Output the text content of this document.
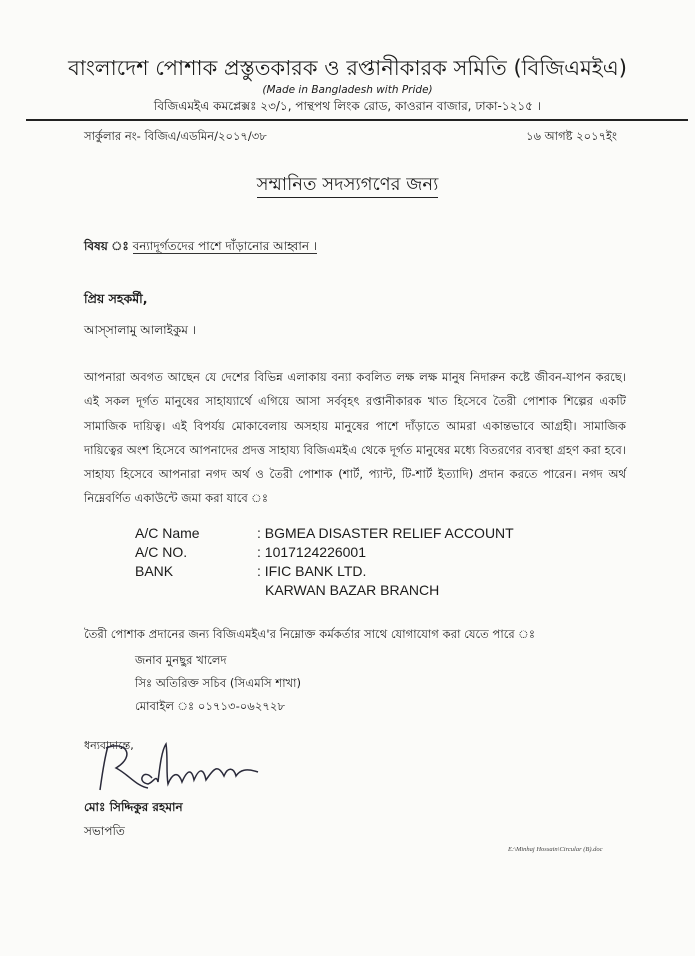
বাংলাদেশ পোশাক প্রস্তুতকারক ও রপ্তানীকারক সমিতি (বিজিএমইএ)
(Made in Bangladesh with Pride)
বিজিএমইএ কমপ্লেক্সঃ ২৩/১, পান্থপথ লিংক রোড, কাওরান বাজার, ঢাকা-১২১৫ ।
সার্কুলার নং- বিজিএ/এডমিন/২০১৭/৩৮	১৬ আগষ্ট ২০১৭ইং
সম্মানিত সদস্যগণের জন্য
বিষয় ঃ বন্যাদূর্গতদের পাশে দাঁড়ানোর আহ্বান ।
প্রিয় সহকর্মী,
আস্সালামু আলাইকুম ।
আপনারা অবগত আছেন যে দেশের বিভিন্ন এলাকায় বন্যা কবলিত লক্ষ লক্ষ মানুষ নিদারুন কষ্টে জীবন-যাপন করছে। এই সকল দূর্গত মানুষের সাহায্যার্থে এগিয়ে আসা সর্ববৃহৎ রপ্তানীকারক খাত হিসেবে তৈরী পোশাক শিল্পের একটি সামাজিক দায়িত্ব। এই বিপর্যয় মোকাবেলায় অসহায় মানুষের পাশে দাঁড়াতে আমরা একান্তভাবে আগ্রহী। সামাজিক দায়িত্বের অংশ হিসেবে আপনাদের প্রদত্ত সাহায্য বিজিএমইএ থেকে দূর্গত মানুষের মধ্যে বিতরণের ব্যবস্থা গ্রহণ করা হবে। সাহায্য হিসেবে আপনারা নগদ অর্থ ও তৈরী পোশাক (শার্ট, প্যান্ট, টি-শার্ট ইত্যাদি) প্রদান করতে পারেন। নগদ অর্থ নিম্নেবর্ণিত একাউন্টে জমা করা যাবে ঃ
A/C Name	: BGMEA DISASTER RELIEF ACCOUNT
A/C NO.	: 1017124226001
BANK	: IFIC BANK LTD.
KARWAN BAZAR BRANCH
তৈরী পোশাক প্রদানের জন্য বিজিএমইএ'র নিম্নোক্ত কর্মকর্তার সাথে যোগাযোগ করা যেতে পারে ঃ
জনাব মুনছুর খালেদ
সিঃ অতিরিক্ত সচিব (সিএমসি শাখা)
মোবাইল ঃ ০১৭১৩-০৬২৭২৮
ধন্যবাদান্তে,
মোঃ সিদ্দিকুর রহমান
সভাপতি
E:\Minhaj Hossain\Circular (B).doc
